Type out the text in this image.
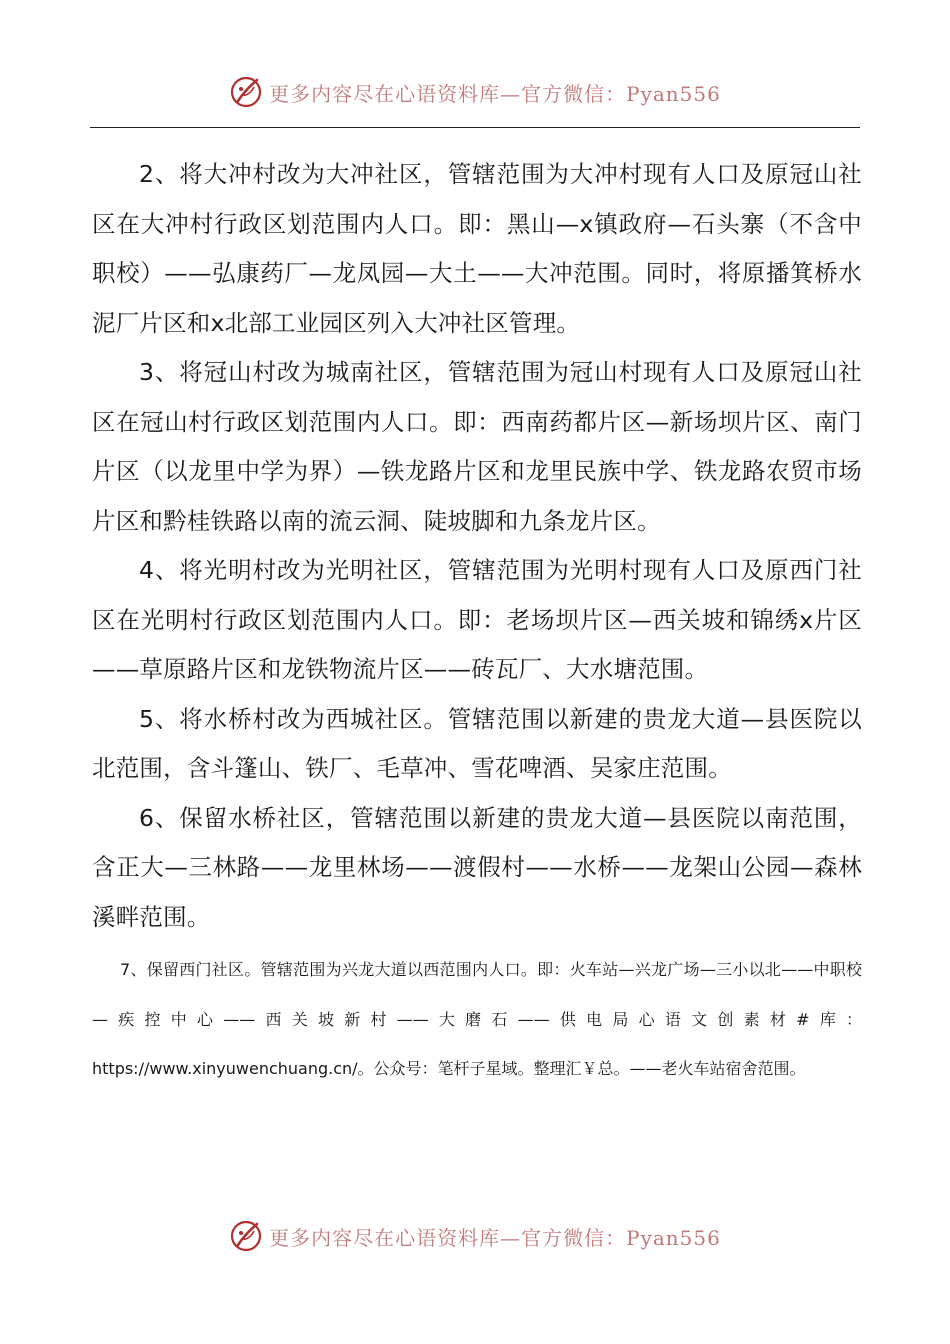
更多内容尽在心语资料库—官方微信：Pyan556

2、将大冲村改为大冲社区，管辖范围为大冲村现有人口及原冠山社区在大冲村行政区划范围内人口。即：黑山—x镇政府—石头寨（不含中职校）——弘康药厂—龙凤园—大土——大冲范围。同时，将原播箕桥水泥厂片区和x北部工业园区列入大冲社区管理。

3、将冠山村改为城南社区，管辖范围为冠山村现有人口及原冠山社区在冠山村行政区划范围内人口。即：西南药都片区—新场坝片区、南门片区（以龙里中学为界）—铁龙路片区和龙里民族中学、铁龙路农贸市场片区和黔桂铁路以南的流云洞、陡坡脚和九条龙片区。

4、将光明村改为光明社区，管辖范围为光明村现有人口及原西门社区在光明村行政区划范围内人口。即：老场坝片区—西关坡和锦绣x片区——草原路片区和龙铁物流片区——砖瓦厂、大水塘范围。

5、将水桥村改为西城社区。管辖范围以新建的贵龙大道—县医院以北范围，含斗篷山、铁厂、毛草冲、雪花啤酒、吴家庄范围。

6、保留水桥社区，管辖范围以新建的贵龙大道—县医院以南范围，含正大—三林路——龙里林场——渡假村——水桥——龙架山公园—森林溪畔范围。

7、保留西门社区。管辖范围为兴龙大道以西范围内人口。即：火车站—兴龙广场—三小以北——中职校—疾控中心——西关坡新村——大磨石——供电局心语文创素材#库：https://www.xinyuwenchuang.cn/。公众号：笔杆子星域。整理汇￥总。——老火车站宿舍范围。

更多内容尽在心语资料库—官方微信：Pyan556
